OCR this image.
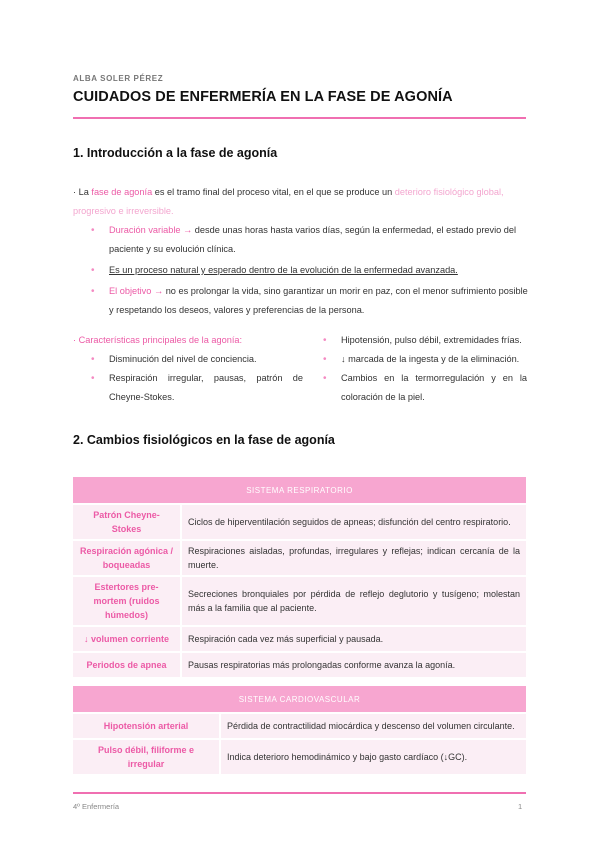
ALBA SOLER PÉREZ
CUIDADOS DE ENFERMERÍA EN LA FASE DE AGONÍA
1. Introducción a la fase de agonía
· La fase de agonía es el tramo final del proceso vital, en el que se produce un deterioro fisiológico global, progresivo e irreversible.
• Duración variable → desde unas horas hasta varios días, según la enfermedad, el estado previo del paciente y su evolución clínica.
• Es un proceso natural y esperado dentro de la evolución de la enfermedad avanzada.
• El objetivo → no es prolongar la vida, sino garantizar un morir en paz, con el menor sufrimiento posible y respetando los deseos, valores y preferencias de la persona.
· Características principales de la agonía:
• Disminución del nivel de conciencia.
• Respiración irregular, pausas, patrón de Cheyne-Stokes.
• Hipotensión, pulso débil, extremidades frías.
• ↓ marcada de la ingesta y de la eliminación.
• Cambios en la termorregulación y en la coloración de la piel.
2. Cambios fisiológicos en la fase de agonía
SISTEMA RESPIRATORIO	
Patrón Cheyne-Stokes	Ciclos de hiperventilación seguidos de apneas; disfunción del centro respiratorio.
Respiración agónica / boqueadas	Respiraciones aisladas, profundas, irregulares y reflejas; indican cercanía de la muerte.
Estertores pre-mortem (ruidos húmedos)	Secreciones bronquiales por pérdida de reflejo deglutorio y tusígeno; molestan más a la familia que al paciente.
↓ volumen corriente	Respiración cada vez más superficial y pausada.
Periodos de apnea	Pausas respiratorias más prolongadas conforme avanza la agonía.
SISTEMA CARDIOVASCULAR	
Hipotensión arterial	Pérdida de contractilidad miocárdica y descenso del volumen circulante.
Pulso débil, filiforme e irregular	Indica deterioro hemodinámico y bajo gasto cardíaco (↓GC).
4º Enfermería	1
